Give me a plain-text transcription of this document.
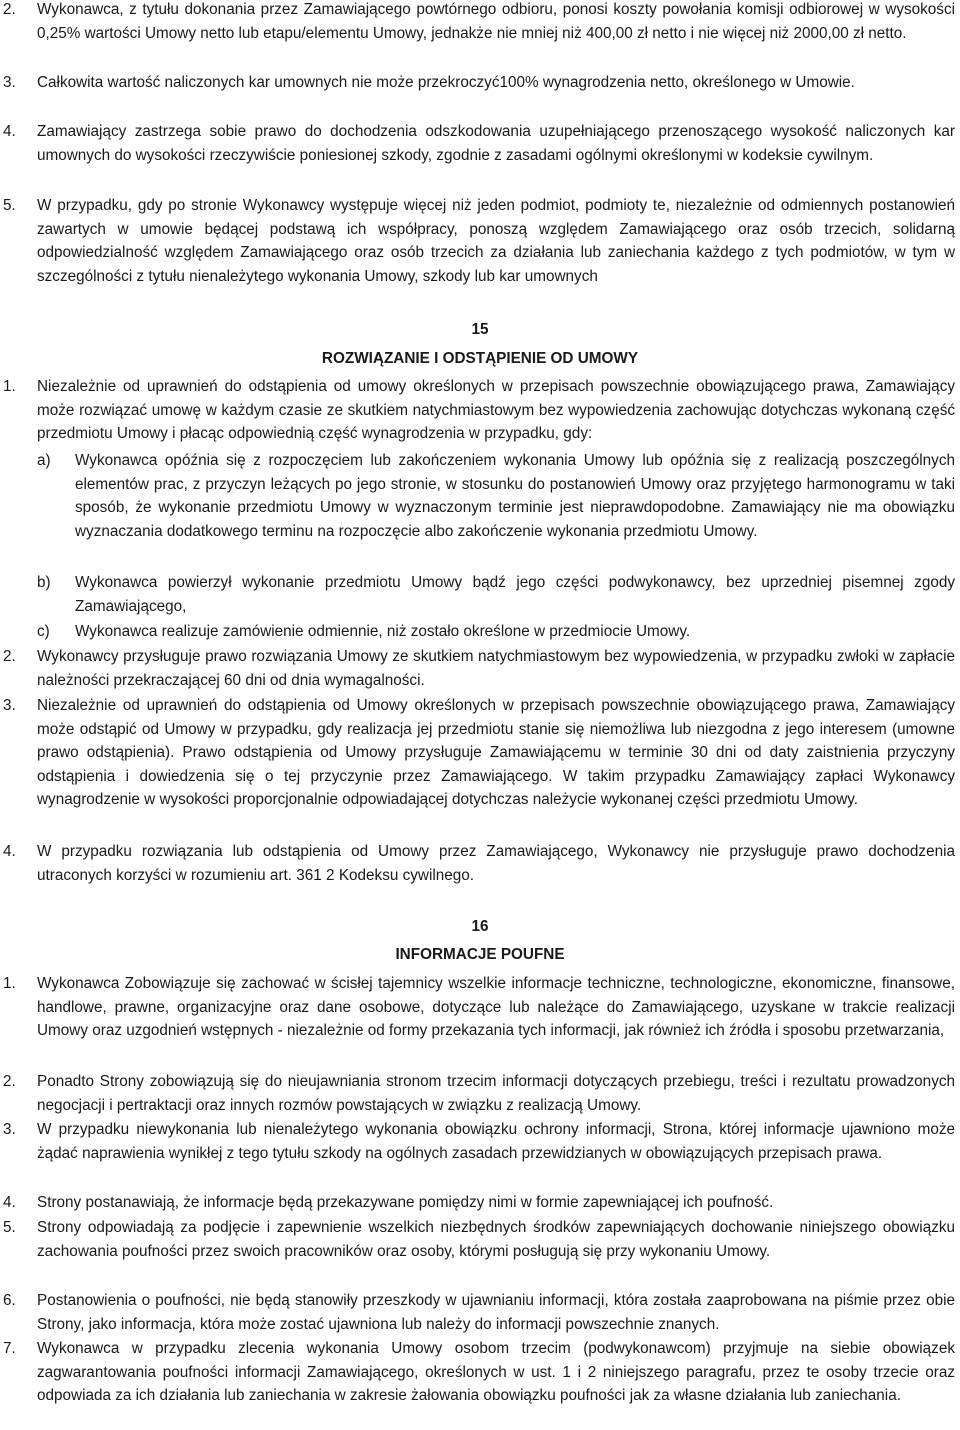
2. Wykonawca, z tytułu dokonania przez Zamawiającego powtórnego odbioru, ponosi koszty powołania komisji odbiorowej w wysokości 0,25% wartości Umowy netto lub etapu/elementu Umowy, jednakże nie mniej niż 400,00 zł netto i nie więcej niż 2000,00 zł netto.
3. Całkowita wartość naliczonych kar umownych nie może przekroczyć100% wynagrodzenia netto, określonego w Umowie.
4. Zamawiający zastrzega sobie prawo do dochodzenia odszkodowania uzupełniającego przenoszącego wysokość naliczonych kar umownych do wysokości rzeczywiście poniesionej szkody, zgodnie z zasadami ogólnymi określonymi w kodeksie cywilnym.
5. W przypadku, gdy po stronie Wykonawcy występuje więcej niż jeden podmiot, podmioty te, niezależnie od odmiennych postanowień zawartych w umowie będącej podstawą ich współpracy, ponoszą względem Zamawiającego oraz osób trzecich, solidarną odpowiedzialność względem Zamawiającego oraz osób trzecich za działania lub zaniechania każdego z tych podmiotów, w tym w szczególności z tytułu nienależytego wykonania Umowy, szkody lub kar umownych
15
ROZWIĄZANIE I ODSTĄPIENIE OD UMOWY
1. Niezależnie od uprawnień do odstąpienia od umowy określonych w przepisach powszechnie obowiązującego prawa, Zamawiający może rozwiązać umowę w każdym czasie ze skutkiem natychmiastowym bez wypowiedzenia zachowując dotychczas wykonaną część przedmiotu Umowy i płacąc odpowiednią część wynagrodzenia w przypadku, gdy:
a) Wykonawca opóźnia się z rozpoczęciem lub zakończeniem wykonania Umowy lub opóźnia się z realizacją poszczególnych elementów prac, z przyczyn leżących po jego stronie, w stosunku do postanowień Umowy oraz przyjętego harmonogramu w taki sposób, że wykonanie przedmiotu Umowy w wyznaczonym terminie jest nieprawdopodobne. Zamawiający nie ma obowiązku wyznaczania dodatkowego terminu na rozpoczęcie albo zakończenie wykonania przedmiotu Umowy.
b) Wykonawca powierzył wykonanie przedmiotu Umowy bądź jego części podwykonawcy, bez uprzedniej pisemnej zgody Zamawiającego,
c) Wykonawca realizuje zamówienie odmiennie, niż zostało określone w przedmiocie Umowy.
2. Wykonawcy przysługuje prawo rozwiązania Umowy ze skutkiem natychmiastowym bez wypowiedzenia, w przypadku zwłoki w zapłacie należności przekraczającej 60 dni od dnia wymagalności.
3. Niezależnie od uprawnień do odstąpienia od Umowy określonych w przepisach powszechnie obowiązującego prawa, Zamawiający może odstąpić od Umowy w przypadku, gdy realizacja jej przedmiotu stanie się niemożliwa lub niezgodna z jego interesem (umowne prawo odstąpienia). Prawo odstąpienia od Umowy przysługuje Zamawiającemu w terminie 30 dni od daty zaistnienia przyczyny odstąpienia i dowiedzenia się o tej przyczynie przez Zamawiającego. W takim przypadku Zamawiający zapłaci Wykonawcy wynagrodzenie w wysokości proporcjonalnie odpowiadającej dotychczas należycie wykonanej części przedmiotu Umowy.
4. W przypadku rozwiązania lub odstąpienia od Umowy przez Zamawiającego, Wykonawcy nie przysługuje prawo dochodzenia utraconych korzyści w rozumieniu art. 361 2 Kodeksu cywilnego.
16
INFORMACJE POUFNE
1. Wykonawca Zobowiązuje się zachować w ścisłej tajemnicy wszelkie informacje techniczne, technologiczne, ekonomiczne, finansowe, handlowe, prawne, organizacyjne oraz dane osobowe, dotyczące lub należące do Zamawiającego, uzyskane w trakcie realizacji Umowy oraz uzgodnień wstępnych - niezależnie od formy przekazania tych informacji, jak również ich źródła i sposobu przetwarzania,
2. Ponadto Strony zobowiązują się do nieujawniania stronom trzecim informacji dotyczących przebiegu, treści i rezultatu prowadzonych negocjacji i pertraktacji oraz innych rozmów powstających w związku z realizacją Umowy.
3. W przypadku niewykonania lub nienależytego wykonania obowiązku ochrony informacji, Strona, której informacje ujawniono może żądać naprawienia wynikłej z tego tytułu szkody na ogólnych zasadach przewidzianych w obowiązujących przepisach prawa.
4. Strony postanawiają, że informacje będą przekazywane pomiędzy nimi w formie zapewniającej ich poufność.
5. Strony odpowiadają za podjęcie i zapewnienie wszelkich niezbędnych środków zapewniających dochowanie niniejszego obowiązku zachowania poufności przez swoich pracowników oraz osoby, którymi posługują się przy wykonaniu Umowy.
6. Postanowienia o poufności, nie będą stanowiły przeszkody w ujawnianiu informacji, która została zaaprobowana na piśmie przez obie Strony, jako informacja, która może zostać ujawniona lub należy do informacji powszechnie znanych.
7. Wykonawca w przypadku zlecenia wykonania Umowy osobom trzecim (podwykonawcom) przyjmuje na siebie obowiązek zagwarantowania poufności informacji Zamawiającego, określonych w ust. 1 i 2 niniejszego paragrafu, przez te osoby trzecie oraz odpowiada za ich działania lub zaniechania w zakresie żałowania obowiązku poufności jak za własne działania lub zaniechania.
